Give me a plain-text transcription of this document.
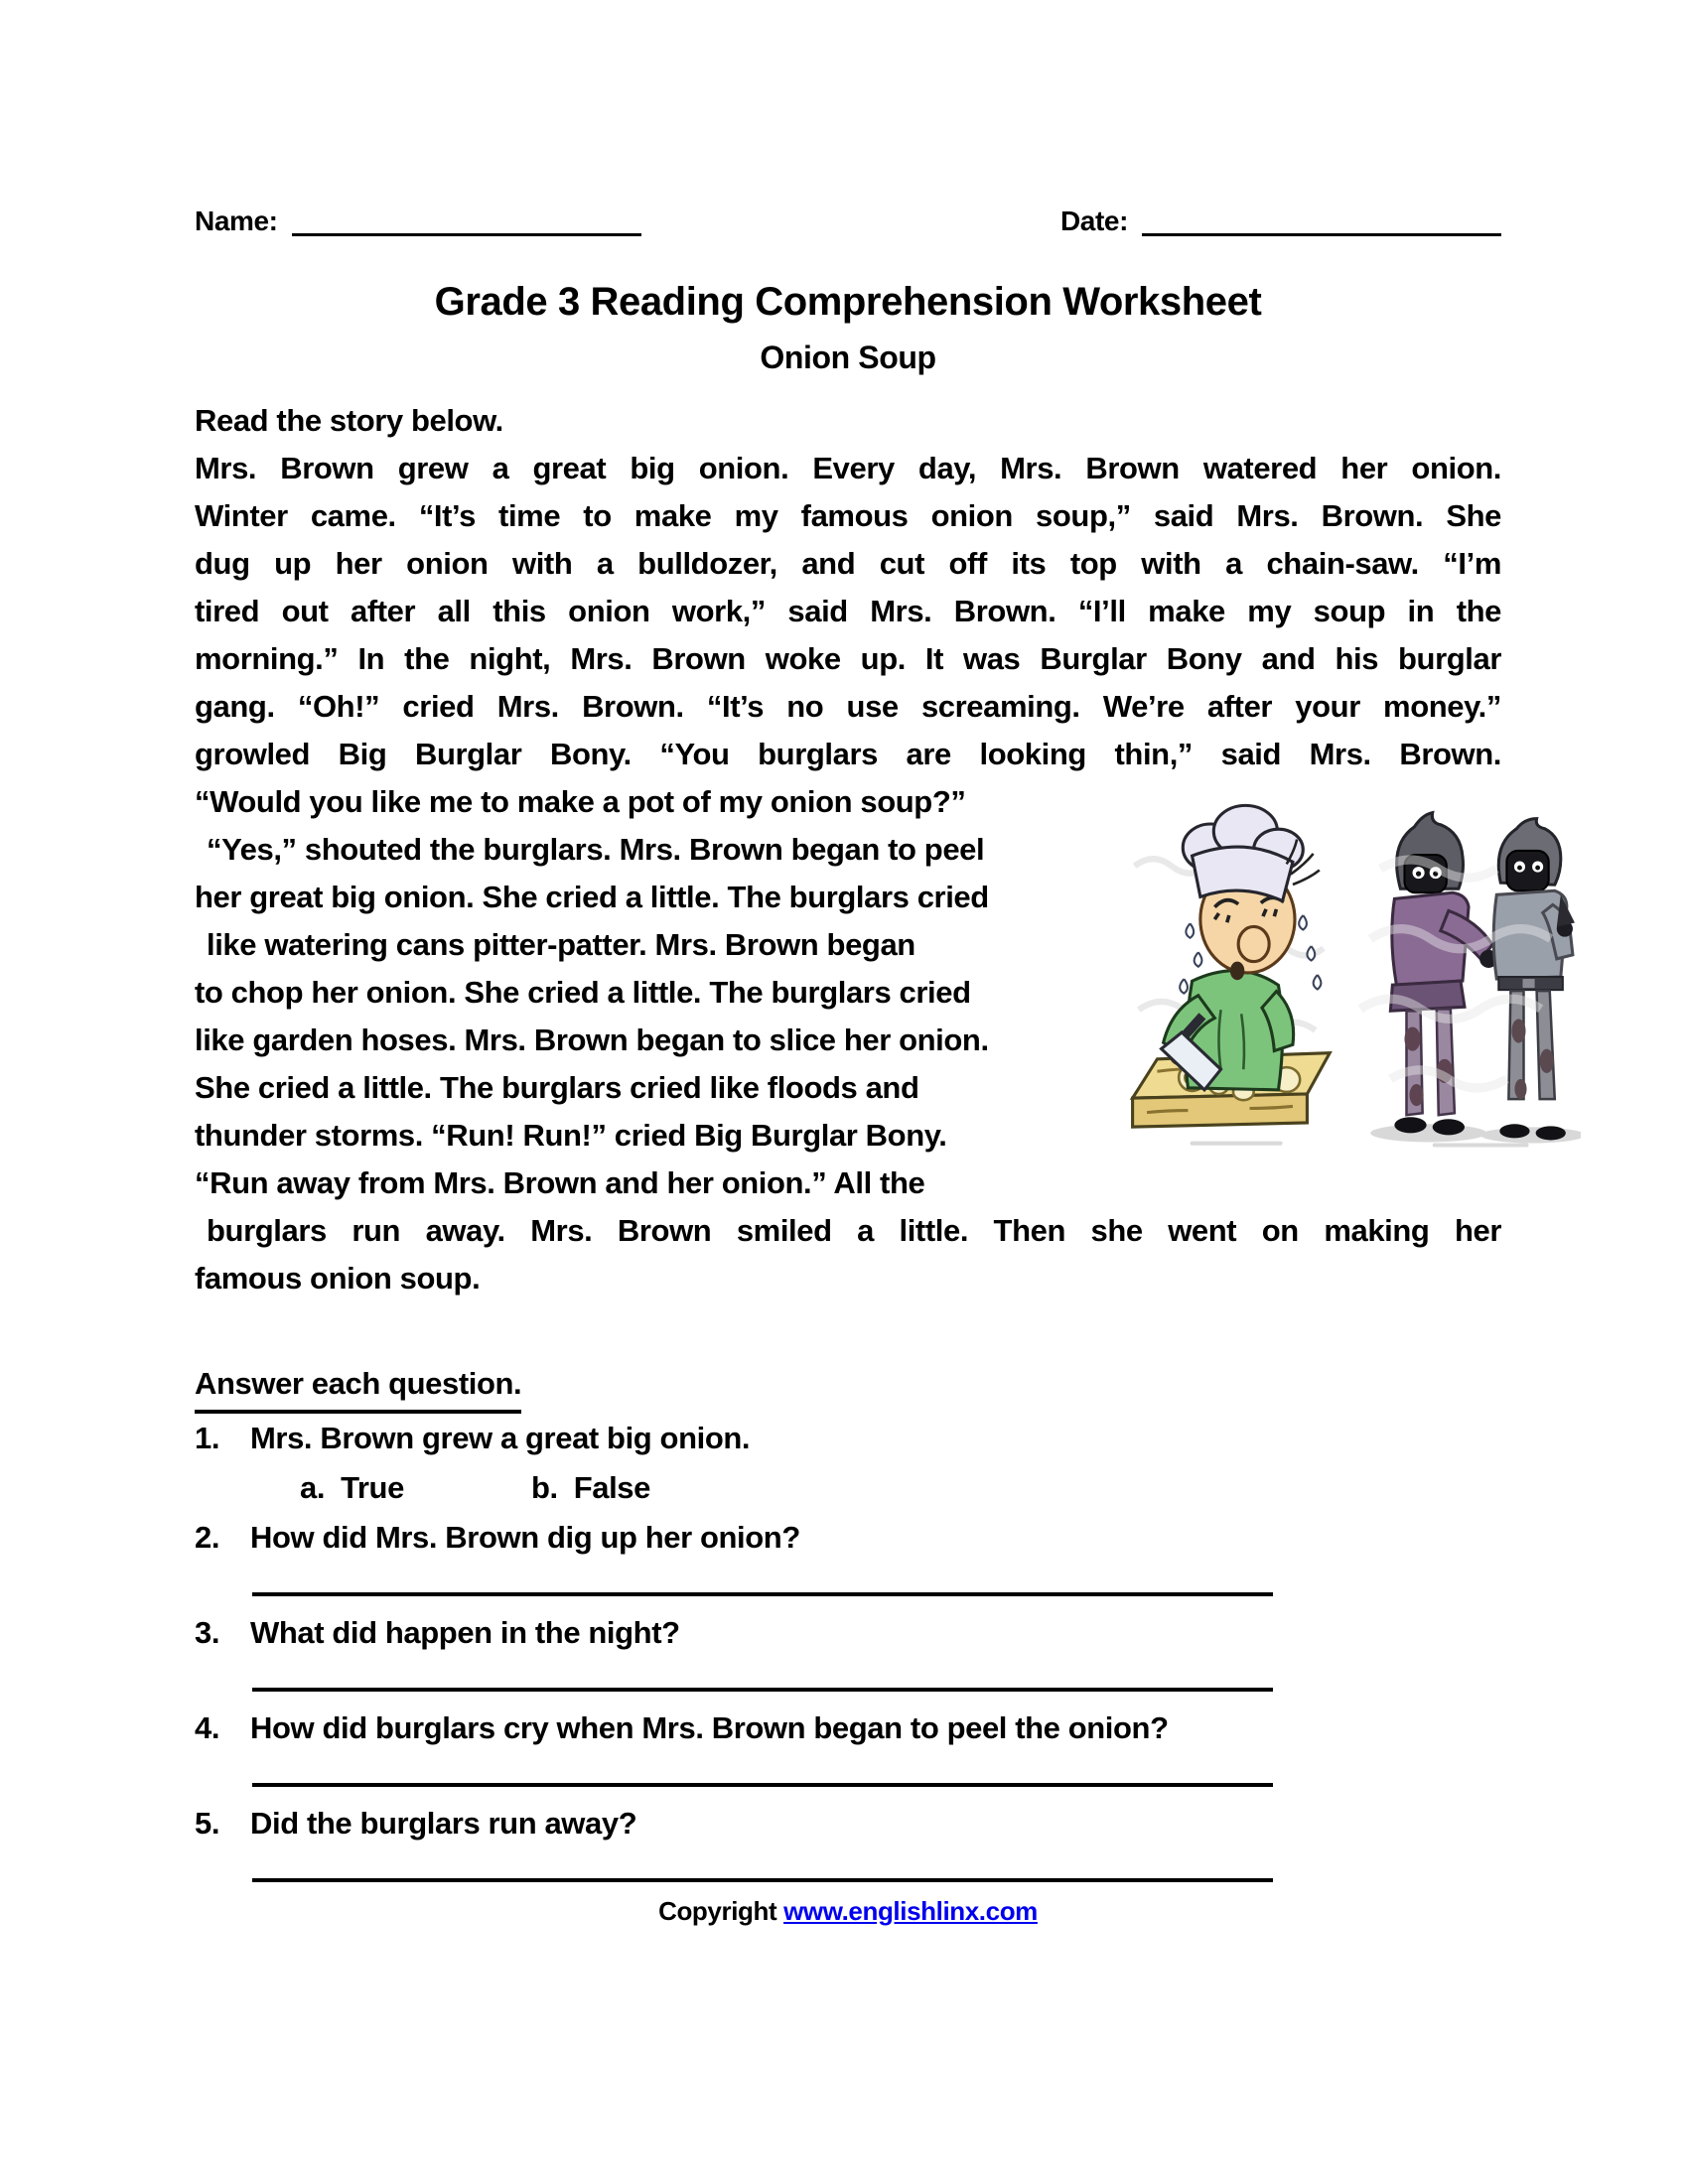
Name:	Date:
Grade 3 Reading Comprehension Worksheet
Onion Soup
Read the story below.
Mrs. Brown grew a great big onion. Every day, Mrs. Brown watered her onion.
Winter came. “It’s time to make my famous onion soup,” said Mrs. Brown. She
dug up her onion with a bulldozer, and cut off its top with a chain-saw. “I’m
tired out after all this onion work,” said Mrs. Brown. “I’ll make my soup in the
morning.” In the night, Mrs. Brown woke up. It was Burglar Bony and his burglar
gang. “Oh!” cried Mrs. Brown. “It’s no use screaming. We’re after your money.”
growled Big Burglar Bony. “You burglars are looking thin,” said Mrs. Brown.
“Would you like me to make a pot of my onion soup?”
“Yes,” shouted the burglars. Mrs. Brown began to peel
her great big onion. She cried a little. The burglars cried
like watering cans pitter-patter. Mrs. Brown began
to chop her onion. She cried a little. The burglars cried
like garden hoses. Mrs. Brown began to slice her onion.
She cried a little. The burglars cried like floods and
thunder storms. “Run! Run!” cried Big Burglar Bony.
“Run away from Mrs. Brown and her onion.” All the
burglars run away. Mrs. Brown smiled a little. Then she went on making her
famous onion soup.
Answer each question.
1. Mrs. Brown grew a great big onion.
a. True	b. False
2. How did Mrs. Brown dig up her onion?
3. What did happen in the night?
4. How did burglars cry when Mrs. Brown began to peel the onion?
5. Did the burglars run away?
Copyright www.englishlinx.com
